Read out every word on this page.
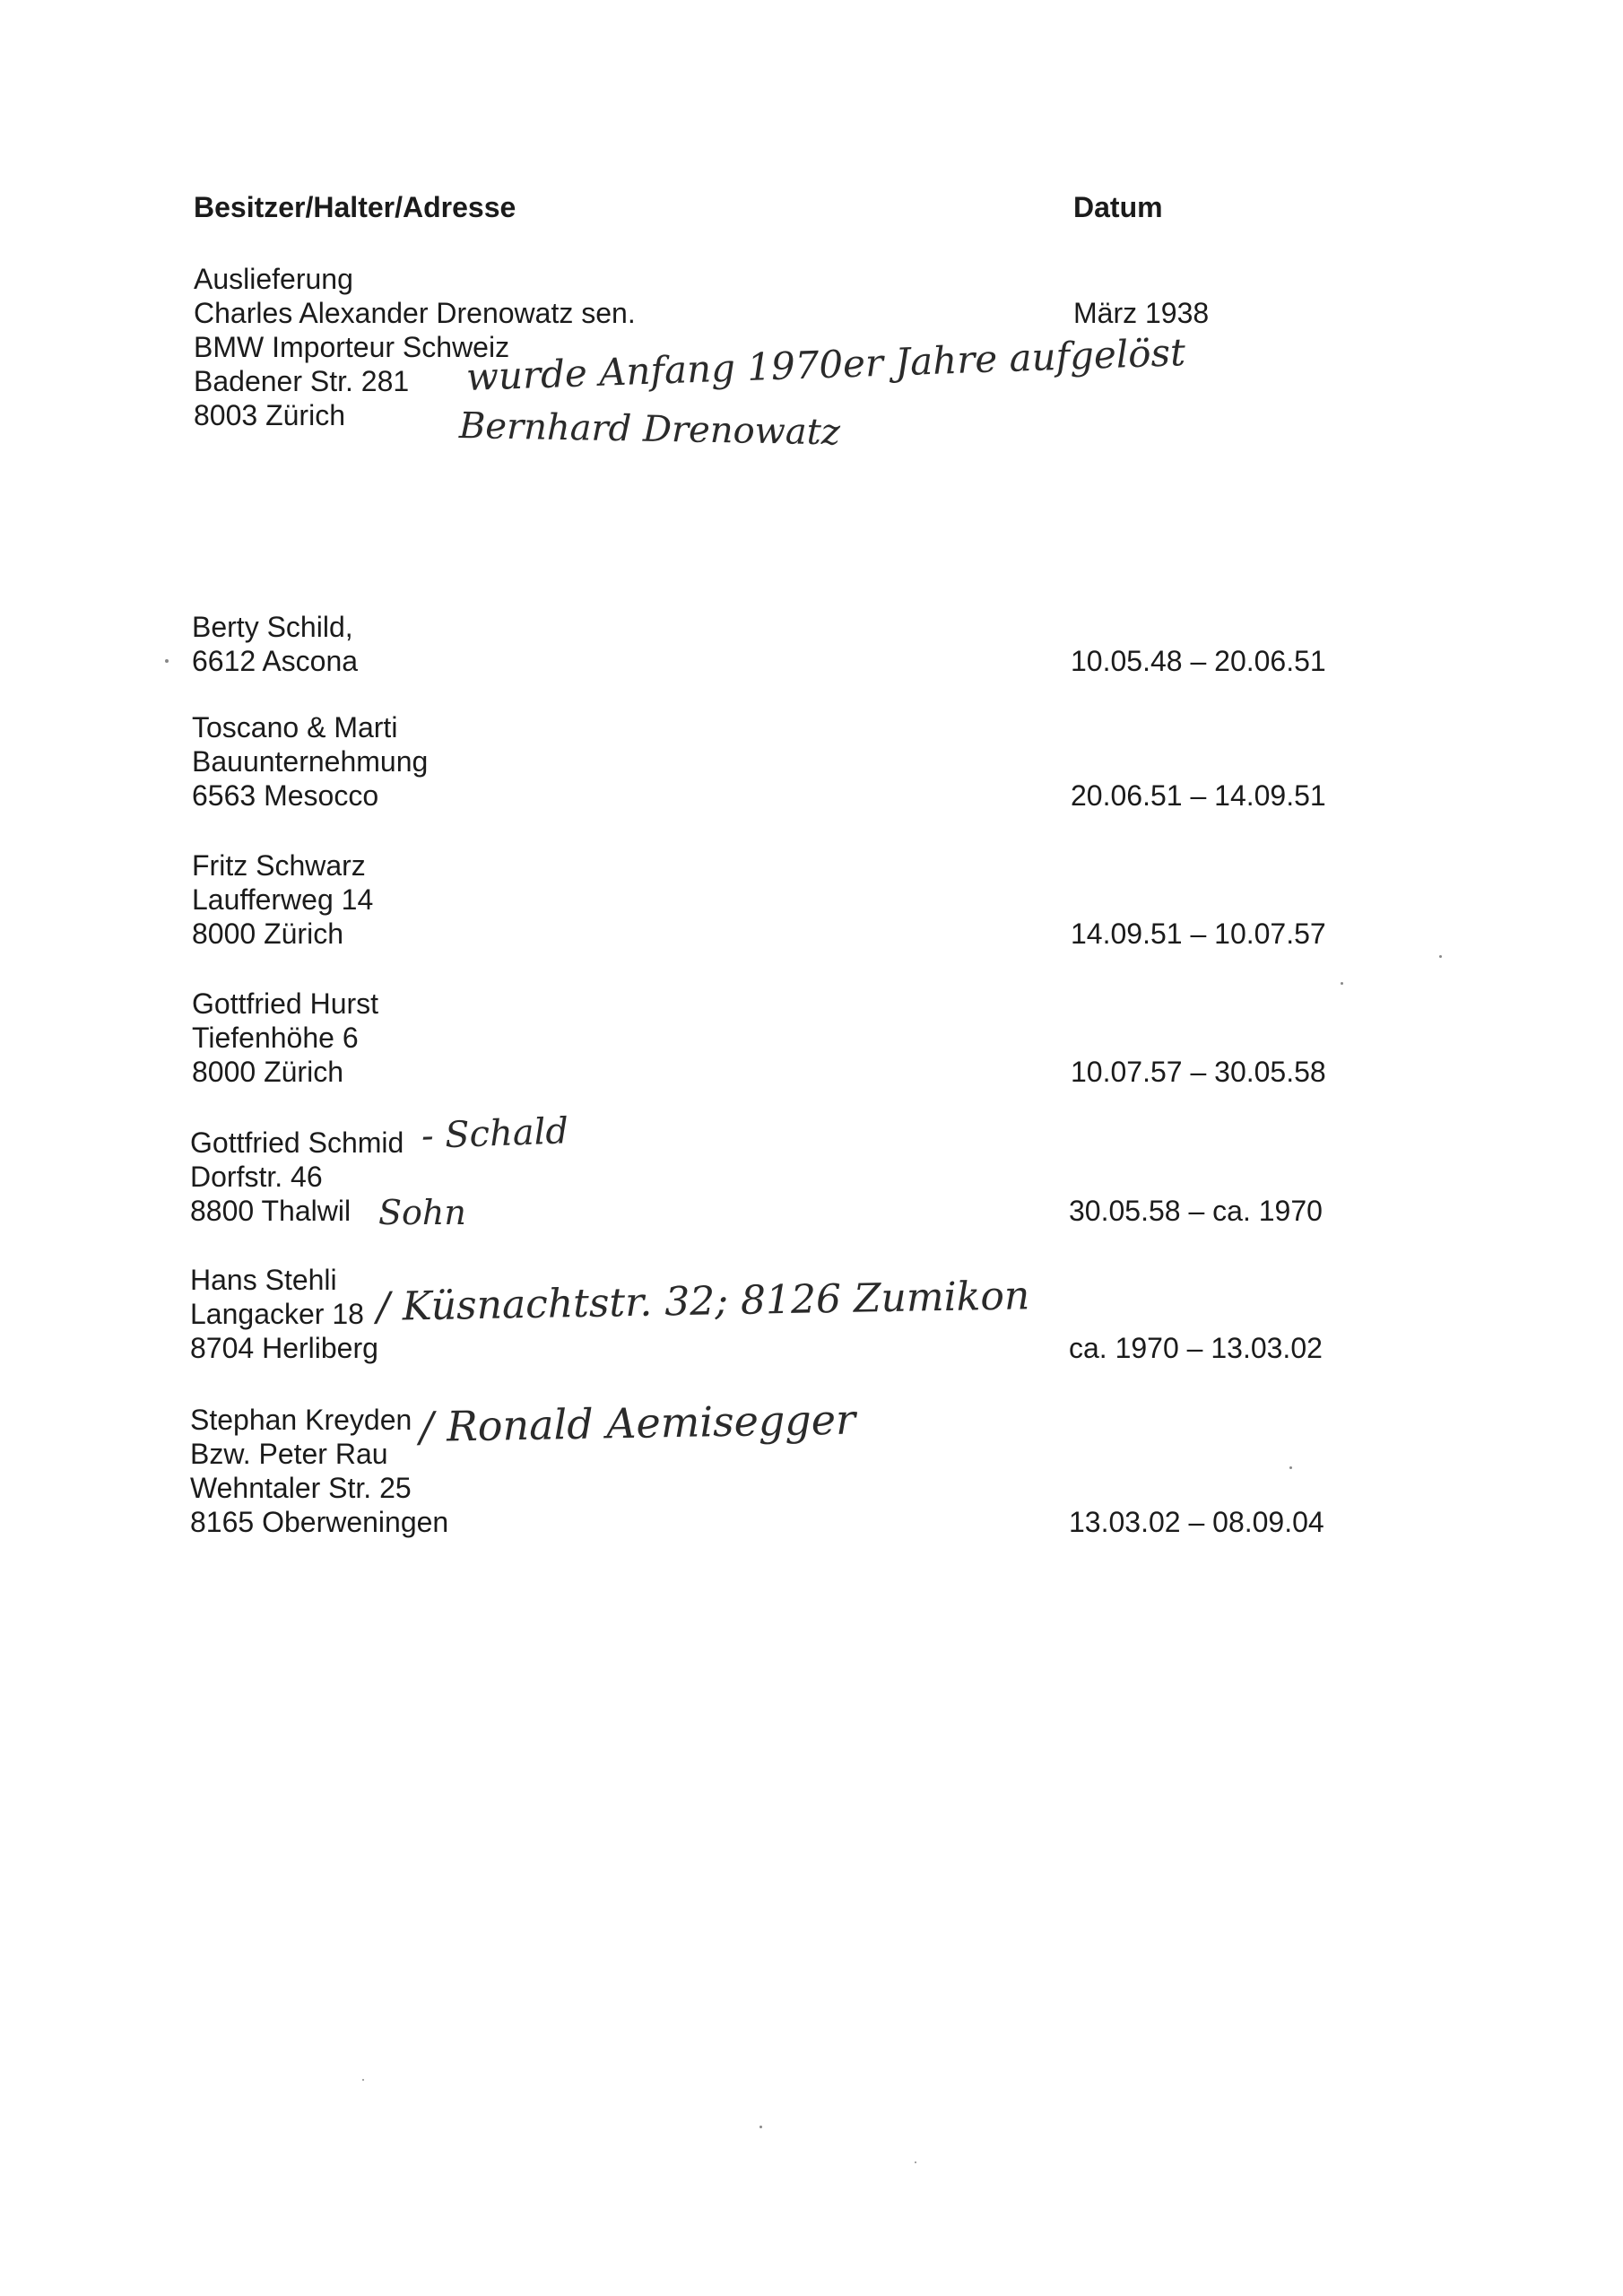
Besitzer/Halter/Adresse	Datum
Auslieferung
Charles Alexander Drenowatz sen.
BMW Importeur Schweiz
Badener Str. 281
8003 Zürich
März 1938
wurde Anfang 1970er Jahre aufgelöst
Bernhard Drenowatz
Berty Schild,
6612 Ascona	10.05.48 – 20.06.51
Toscano & Marti
Bauunternehmung
6563 Mesocco	20.06.51 – 14.09.51
Fritz Schwarz
Laufferweg 14
8000 Zürich	14.09.51 – 10.07.57
Gottfried Hurst
Tiefenhöhe 6
8000 Zürich	10.07.57 – 30.05.58
Gottfried Schmid
Dorfstr. 46
8800 Thalwil	30.05.58 – ca. 1970
- Schald
Sohn
Hans Stehli
Langacker 18
8704 Herliberg	ca. 1970 – 13.03.02
/ Küsnachtstr. 32; 8126 Zumikon
Stephan Kreyden
Bzw. Peter Rau
Wehntaler Str. 25
8165 Oberweningen	13.03.02 – 08.09.04
/ Ronald Aemisegger
